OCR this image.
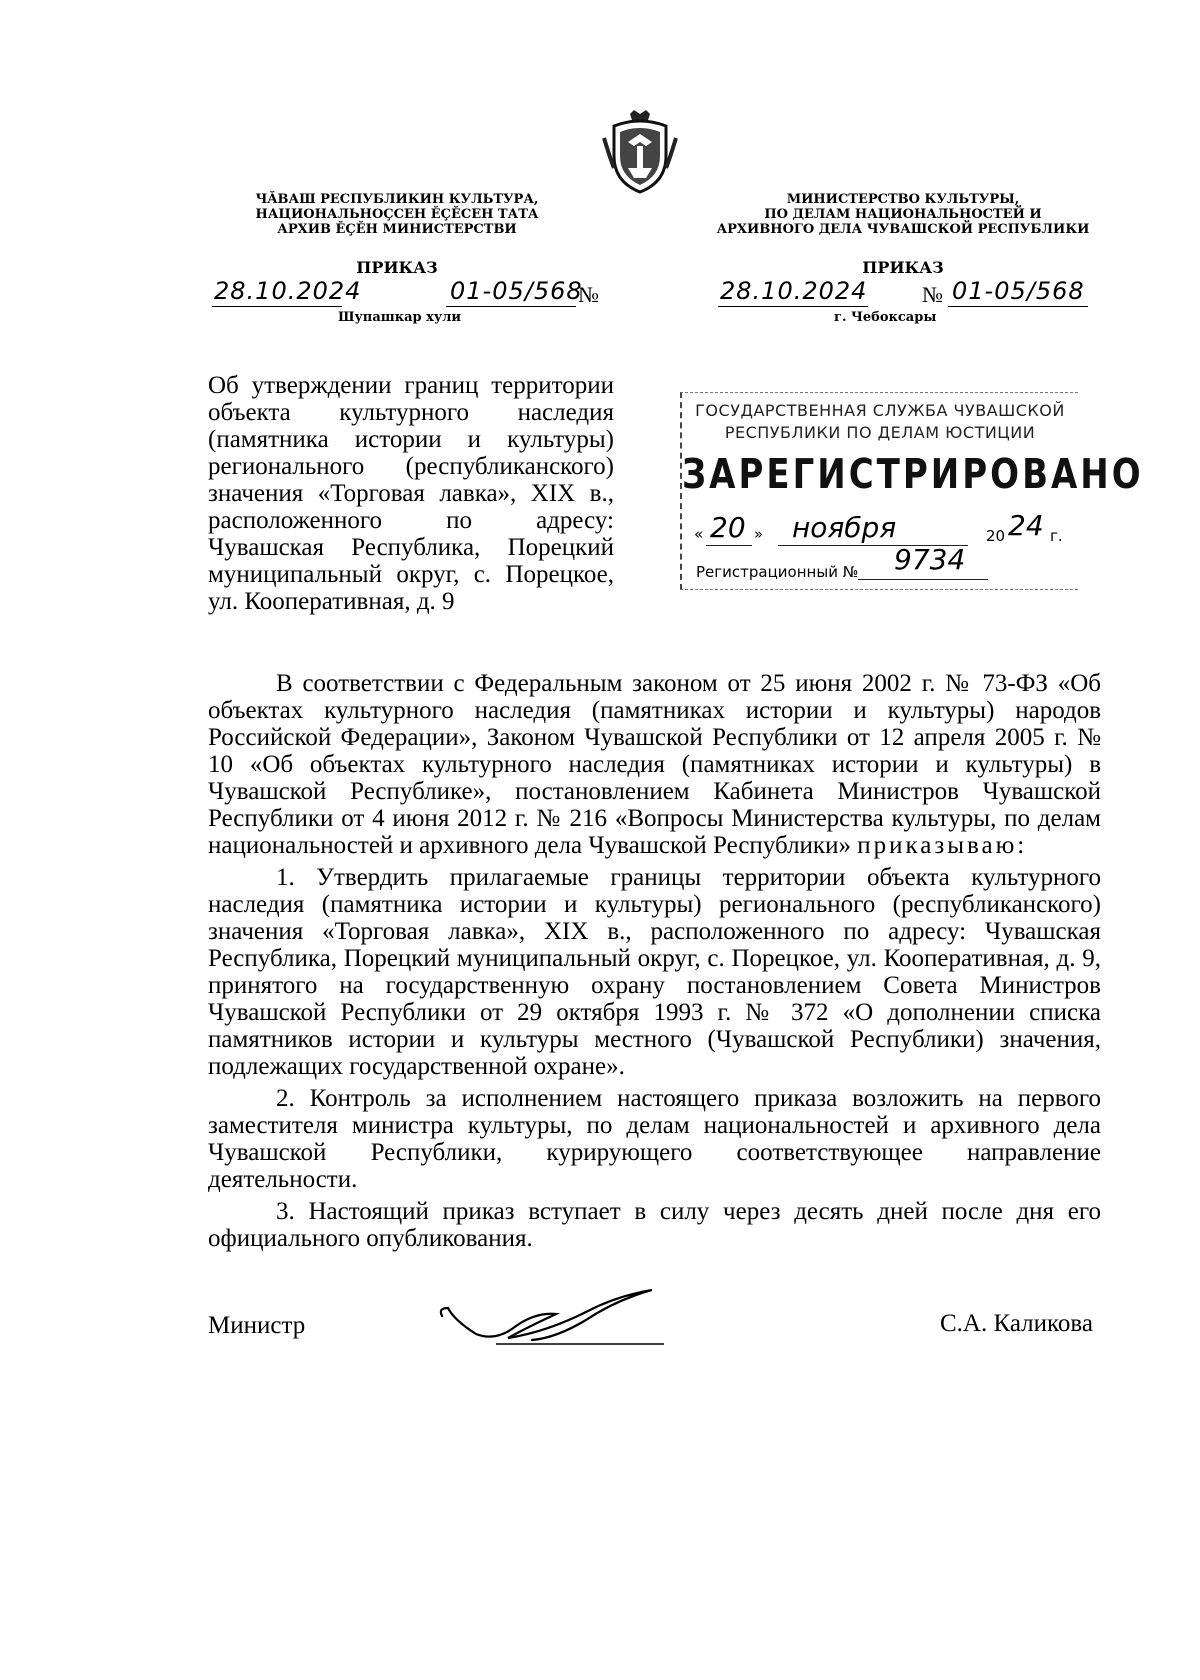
ЧĂВАШ РЕСПУБЛИКИН КУЛЬТУРА,
НАЦИОНАЛЬНОÇСЕН ĔÇĔСЕН ТАТА
АРХИВ ĔÇĔН МИНИСТЕРСТВИ
МИНИСТЕРСТВО КУЛЬТУРЫ,
ПО ДЕЛАМ НАЦИОНАЛЬНОСТЕЙ И
АРХИВНОГО ДЕЛА ЧУВАШСКОЙ РЕСПУБЛИКИ
ПРИКАЗ	ПРИКАЗ
28.10.2024	01-05/568
№
Шупашкар хули
28.10.2024 № 01-05/568
г. Чебоксары
Об утверждении границ территории
объекта культурного наследия
(памятника истории и культуры)
регионального (республиканского)
значения «Торговая лавка», XIX в.,
расположенного по адресу:
Чувашская Республика, Порецкий
муниципальный округ, с. Порецкое,
ул. Кооперативная, д. 9
ГОСУДАРСТВЕННАЯ СЛУЖБА ЧУВАШСКОЙ
РЕСПУБЛИКИ ПО ДЕЛАМ ЮСТИЦИИ
ЗАРЕГИСТРИРОВАНО
« 20 » ноября	20 24 г.
Регистрационный № 9734

В соответствии с Федеральным законом от 25 июня 2002 г. № 73-ФЗ «Об объектах культурного наследия (памятниках истории и культуры) народов Российской Федерации», Законом Чувашской Республики от 12 апреля 2005 г. № 10 «Об объектах культурного наследия (памятниках истории и культуры) в Чувашской Республике», постановлением Кабинета Министров Чувашской Республики от 4 июня 2012 г. № 216 «Вопросы Министерства культуры, по делам национальностей и архивного дела Чувашской Республики» приказываю:

1. Утвердить прилагаемые границы территории объекта культурного наследия (памятника истории и культуры) регионального (республиканского) значения «Торговая лавка», XIX в., расположенного по адресу: Чувашская Республика, Порецкий муниципальный округ, с. Порецкое, ул. Кооперативная, д. 9, принятого на государственную охрану постановлением Совета Министров Чувашской Республики от 29 октября 1993 г. № 372 «О дополнении списка памятников истории и культуры местного (Чувашской Республики) значения, подлежащих государственной охране».

2. Контроль за исполнением настоящего приказа возложить на первого заместителя министра культуры, по делам национальностей и архивного дела Чувашской Республики, курирующего соответствующее направление деятельности.

3. Настоящий приказ вступает в силу через десять дней после дня его официального опубликования.

Министр	С.А. Каликова
